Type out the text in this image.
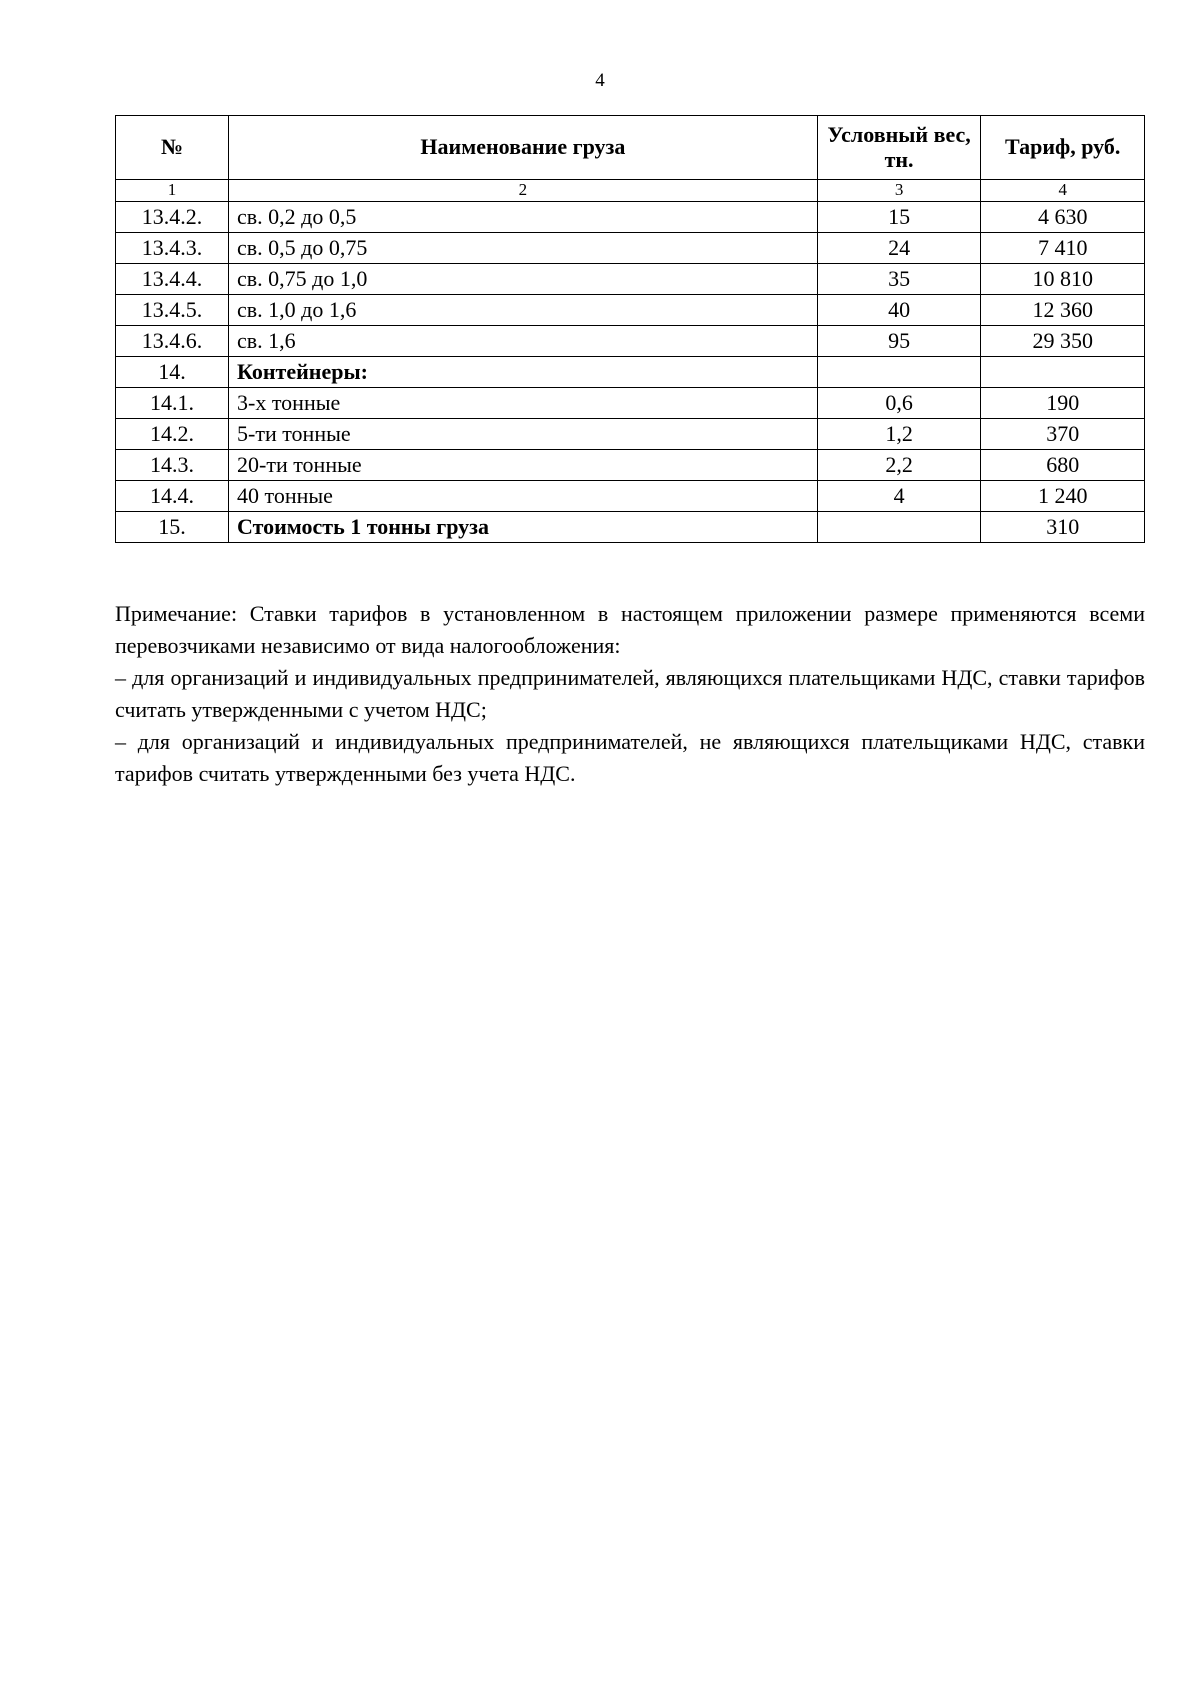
4
№	Наименование груза	Условный вес, тн.	Тариф, руб.
1	2	3	4
13.4.2.	св. 0,2 до 0,5	15	4 630
13.4.3.	св. 0,5 до 0,75	24	7 410
13.4.4.	св. 0,75 до 1,0	35	10 810
13.4.5.	св. 1,0 до 1,6	40	12 360
13.4.6.	св. 1,6	95	29 350
14.	Контейнеры:		
14.1.	3-х тонные	0,6	190
14.2.	5-ти тонные	1,2	370
14.3.	20-ти тонные	2,2	680
14.4.	40 тонные	4	1 240
15.	Стоимость 1 тонны груза		310

Примечание: Ставки тарифов в установленном в настоящем приложении размере применяются всеми перевозчиками независимо от вида налогообложения:

– для организаций и индивидуальных предпринимателей, являющихся плательщиками НДС, ставки тарифов считать утвержденными с учетом НДС;

– для организаций и индивидуальных предпринимателей, не являющихся плательщиками НДС, ставки тарифов считать утвержденными без учета НДС.
